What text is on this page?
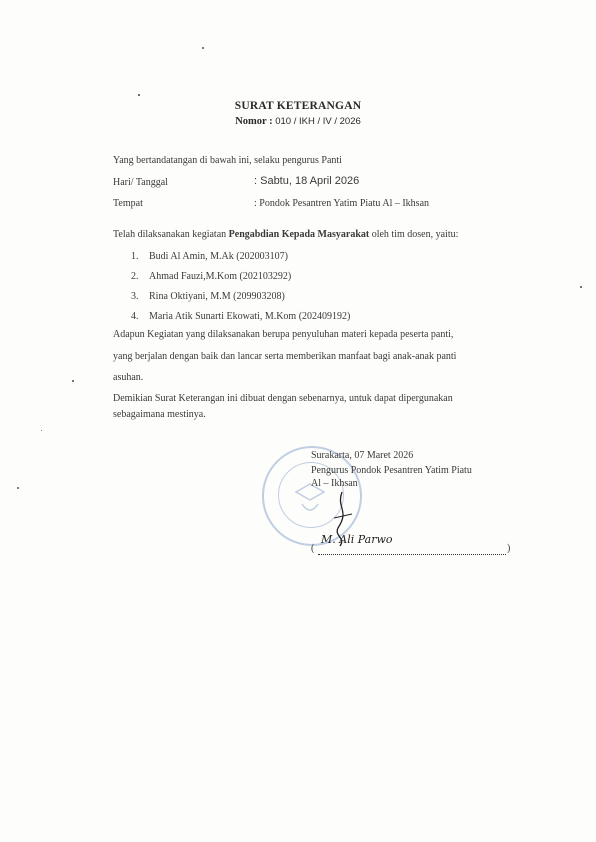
SURAT KETERANGAN
Nomor : 010 / IKH / IV / 2026
Yang bertandatangan di bawah ini, selaku pengurus Panti
Hari/ Tanggal	: Sabtu, 18 April 2026
Tempat	: Pondok Pesantren Yatim Piatu Al – Ikhsan
Telah dilaksanakan kegiatan Pengabdian Kepada Masyarakat oleh tim dosen, yaitu:
1. Budi Al Amin, M.Ak (202003107)
2. Ahmad Fauzi,M.Kom (202103292)
3. Rina Oktiyani, M.M (209903208)
4. Maria Atik Sunarti Ekowati, M.Kom (202409192)
Adapun Kegiatan yang dilaksanakan berupa penyuluhan materi kepada peserta panti,
yang berjalan dengan baik dan lancar serta memberikan manfaat bagi anak-anak panti
asuhan.
Demikian Surat Keterangan ini dibuat dengan sebenarnya, untuk dapat dipergunakan
sebagaimana mestinya.
Surakarta, 07 Maret 2026
Pengurus Pondok Pesantren Yatim Piatu
Al – Ikhsan
(
M. Ali Parwo
)
